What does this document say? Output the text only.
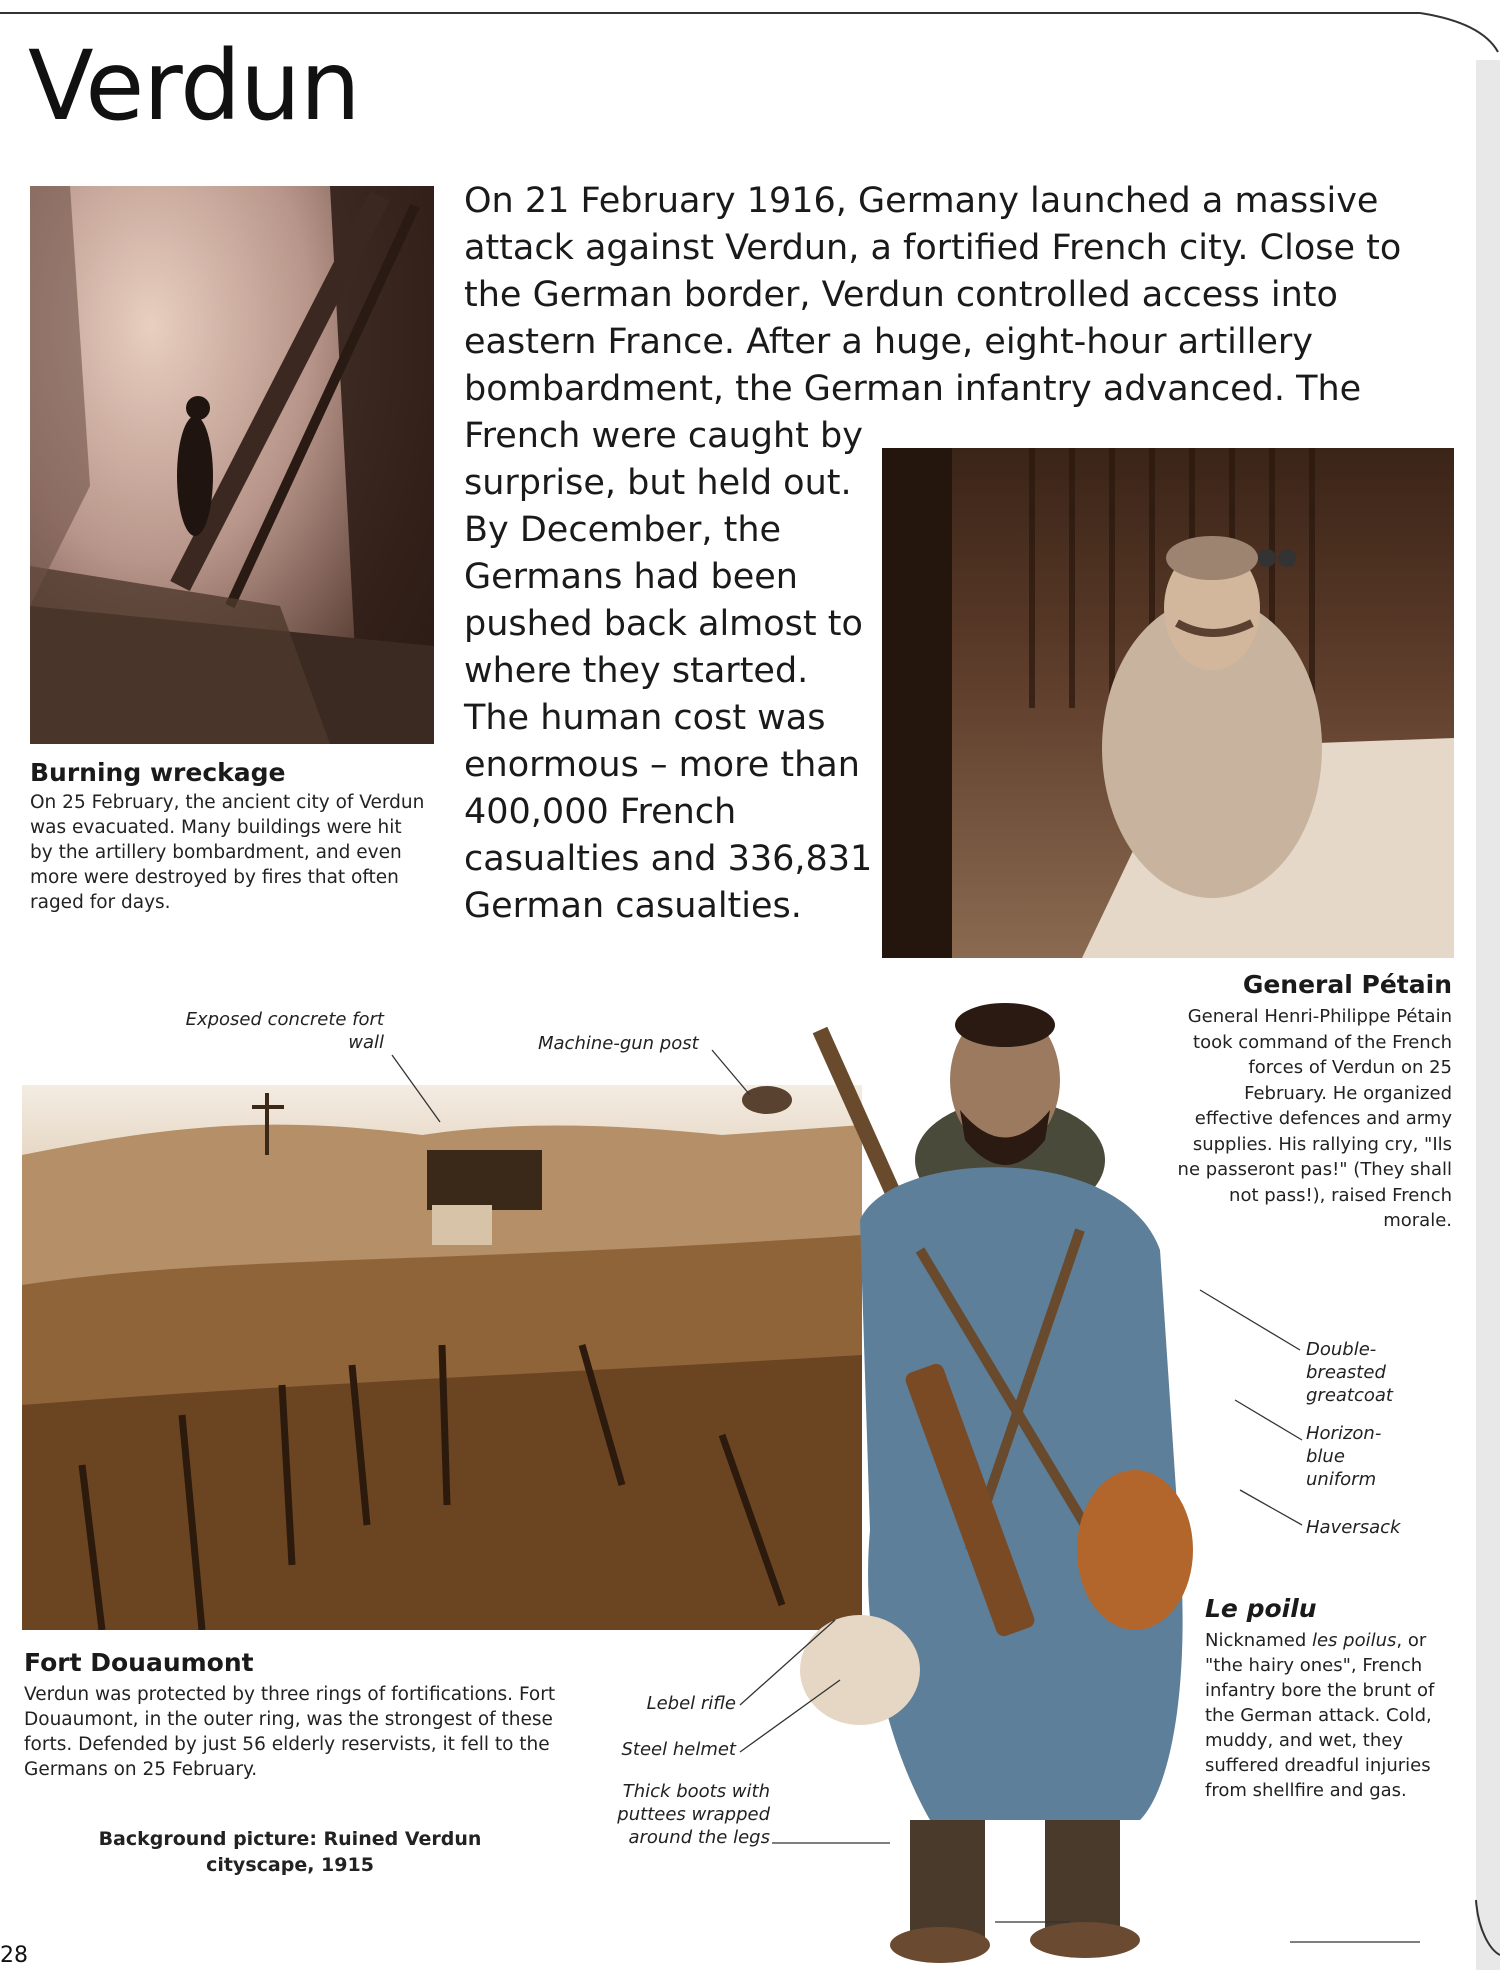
Verdun
Burning wreckage
On 25 February, the ancient city of Verdun was evacuated. Many buildings were hit by the artillery bombardment, and even more were destroyed by fires that often raged for days.
On 21 February 1916, Germany launched a massive attack against Verdun, a fortified French city. Close to the German border, Verdun controlled access into eastern France. After a huge, eight-hour artillery bombardment, the German infantry advanced. The
French were caught by surprise, but held out. By December, the Germans had been pushed back almost to where they started. The human cost was enormous – more than 400,000 French casualties and 336,831 German casualties.
General Pétain
General Henri-Philippe Pétain took command of the French forces of Verdun on 25 February. He organized effective defences and army supplies. His rallying cry, "Ils ne passeront pas!" (They shall not pass!), raised French morale.
Exposed concrete fort wall	Machine-gun post
Fort Douaumont
Verdun was protected by three rings of fortifications. Fort Douaumont, in the outer ring, was the strongest of these forts. Defended by just 56 elderly reservists, it fell to the Germans on 25 February.
Background picture: Ruined Verdun cityscape, 1915
Double-breasted greatcoat
Horizon-blue uniform
Haversack
Lebel rifle
Steel helmet
Thick boots with puttees wrapped around the legs
Le poilu
Nicknamed les poilus, or "the hairy ones", French infantry bore the brunt of the German attack. Cold, muddy, and wet, they suffered dreadful injuries from shellfire and gas.
28
